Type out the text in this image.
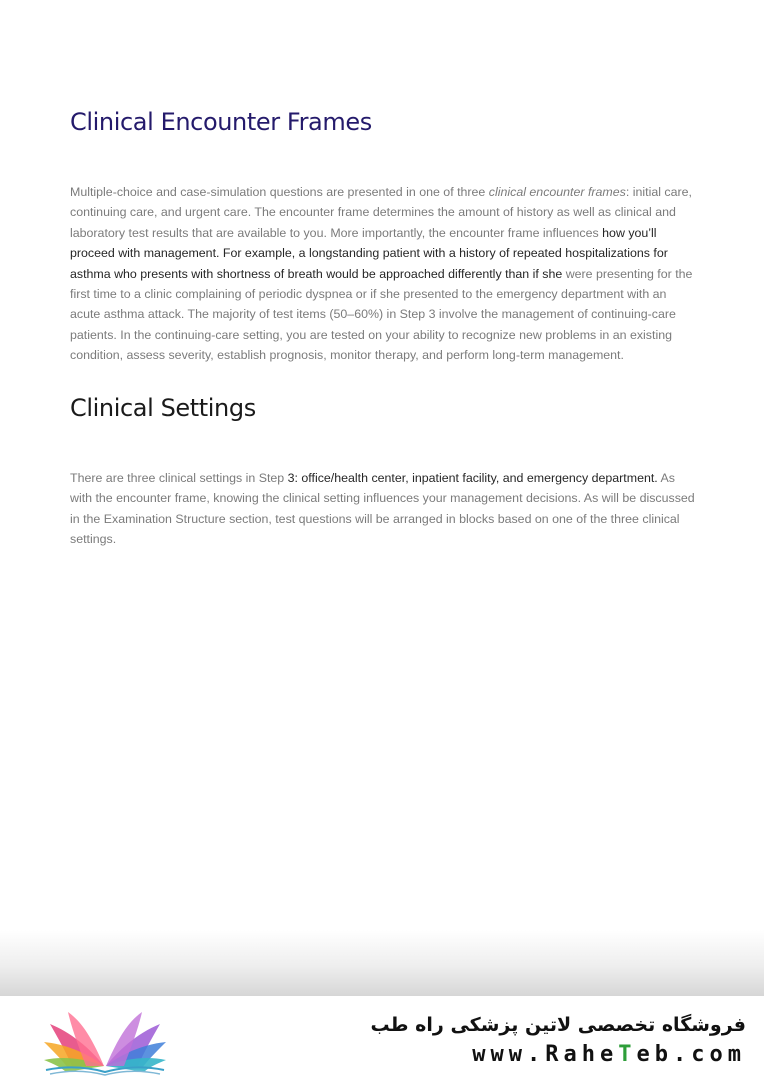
Clinical Encounter Frames

Multiple-choice and case-simulation questions are presented in one of three clinical encounter frames: initial care, continuing care, and urgent care. The encounter frame determines the amount of history as well as clinical and laboratory test results that are available to you. More importantly, the encounter frame influences how you’ll proceed with management. For example, a longstanding patient with a history of repeated hospitalizations for asthma who presents with shortness of breath would be approached differently than if she were presenting for the first time to a clinic complaining of periodic dyspnea or if she presented to the emergency department with an acute asthma attack. The majority of test items (50–60%) in Step 3 involve the management of continuing-care patients. In the continuing-care setting, you are tested on your ability to recognize new problems in an existing condition, assess severity, establish prognosis, monitor therapy, and perform long-term management.

Clinical Settings

There are three clinical settings in Step 3: office/health center, inpatient facility, and emergency department. As with the encounter frame, knowing the clinical setting influences your management decisions. As will be discussed in the Examination Structure section, test questions will be arranged in blocks based on one of the three clinical settings.

فروشگاه تخصصی لاتین پزشکی راه طب
www.RaheTeb.com
